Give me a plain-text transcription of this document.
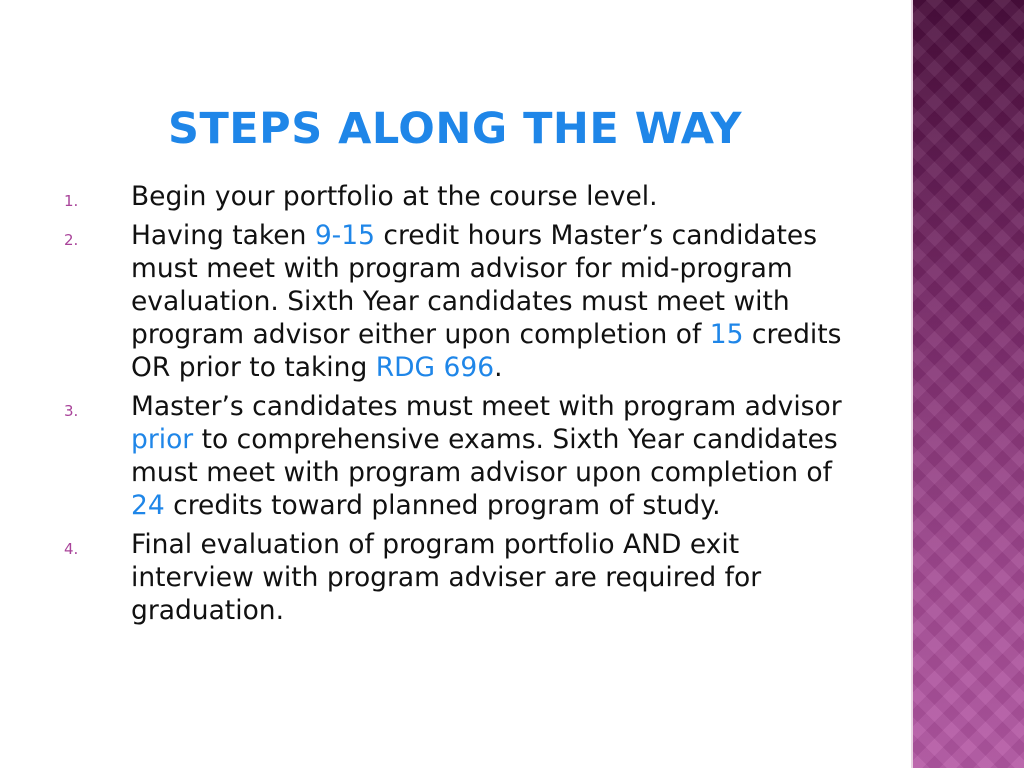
STEPS ALONG THE WAY
1. Begin your portfolio at the course level.
2. Having taken 9-15 credit hours Master’s candidates must meet with program advisor for mid-program evaluation. Sixth Year candidates must meet with program advisor either upon completion of 15 credits OR prior to taking RDG 696.
3. Master’s candidates must meet with program advisor prior to comprehensive exams. Sixth Year candidates must meet with program advisor upon completion of 24 credits toward planned program of study.
4. Final evaluation of program portfolio AND exit interview with program adviser are required for graduation.
